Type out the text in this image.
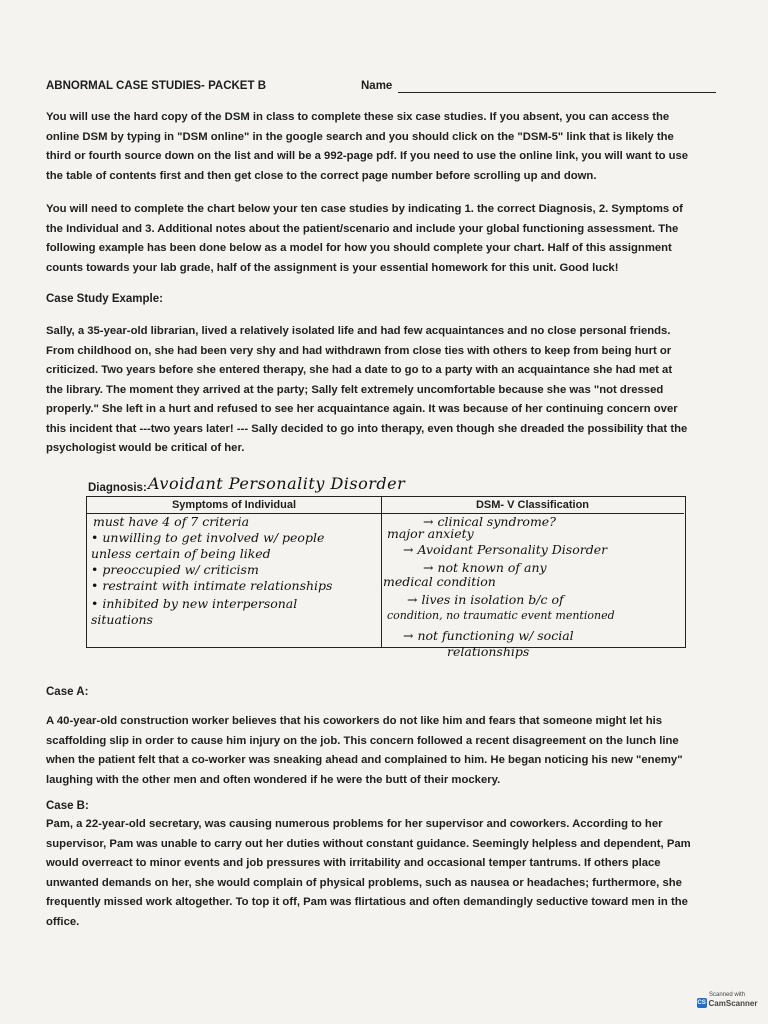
ABNORMAL CASE STUDIES- PACKET B	Name
You will use the hard copy of the DSM in class to complete these six case studies. If you absent, you can access the
online DSM by typing in "DSM online" in the google search and you should click on the "DSM-5" link that is likely the
third or fourth source down on the list and will be a 992-page pdf. If you need to use the online link, you will want to use
the table of contents first and then get close to the correct page number before scrolling up and down.
You will need to complete the chart below your ten case studies by indicating 1. the correct Diagnosis, 2. Symptoms of
the Individual and 3. Additional notes about the patient/scenario and include your global functioning assessment. The
following example has been done below as a model for how you should complete your chart. Half of this assignment
counts towards your lab grade, half of the assignment is your essential homework for this unit. Good luck!
Case Study Example:
Sally, a 35-year-old librarian, lived a relatively isolated life and had few acquaintances and no close personal friends.
From childhood on, she had been very shy and had withdrawn from close ties with others to keep from being hurt or
criticized. Two years before she entered therapy, she had a date to go to a party with an acquaintance she had met at
the library. The moment they arrived at the party; Sally felt extremely uncomfortable because she was "not dressed
properly." She left in a hurt and refused to see her acquaintance again. It was because of her continuing concern over
this incident that ---two years later! --- Sally decided to go into therapy, even though she dreaded the possibility that the
psychologist would be critical of her.
Diagnosis: Avoidant Personality Disorder
Symptoms of Individual	DSM- V Classification
must have 4 of 7 criteria
• unwilling to get involved w/ people
unless certain of being liked
• preoccupied w/ criticism
• restraint with intimate relationships
• inhibited by new interpersonal
situations
→ clinical syndrome?
major anxiety
→ Avoidant Personality Disorder
→ not known of any
medical condition
→ lives in isolation b/c of
condition, no traumatic event mentioned
→ not functioning w/ social
relationships
Case A:
A 40-year-old construction worker believes that his coworkers do not like him and fears that someone might let his
scaffolding slip in order to cause him injury on the job. This concern followed a recent disagreement on the lunch line
when the patient felt that a co-worker was sneaking ahead and complained to him. He began noticing his new "enemy"
laughing with the other men and often wondered if he were the butt of their mockery.
Case B:
Pam, a 22-year-old secretary, was causing numerous problems for her supervisor and coworkers. According to her
supervisor, Pam was unable to carry out her duties without constant guidance. Seemingly helpless and dependent, Pam
would overreact to minor events and job pressures with irritability and occasional temper tantrums. If others place
unwanted demands on her, she would complain of physical problems, such as nausea or headaches; furthermore, she
frequently missed work altogether. To top it off, Pam was flirtatious and often demandingly seductive toward men in the
office.
Scanned with
CS CamScanner
